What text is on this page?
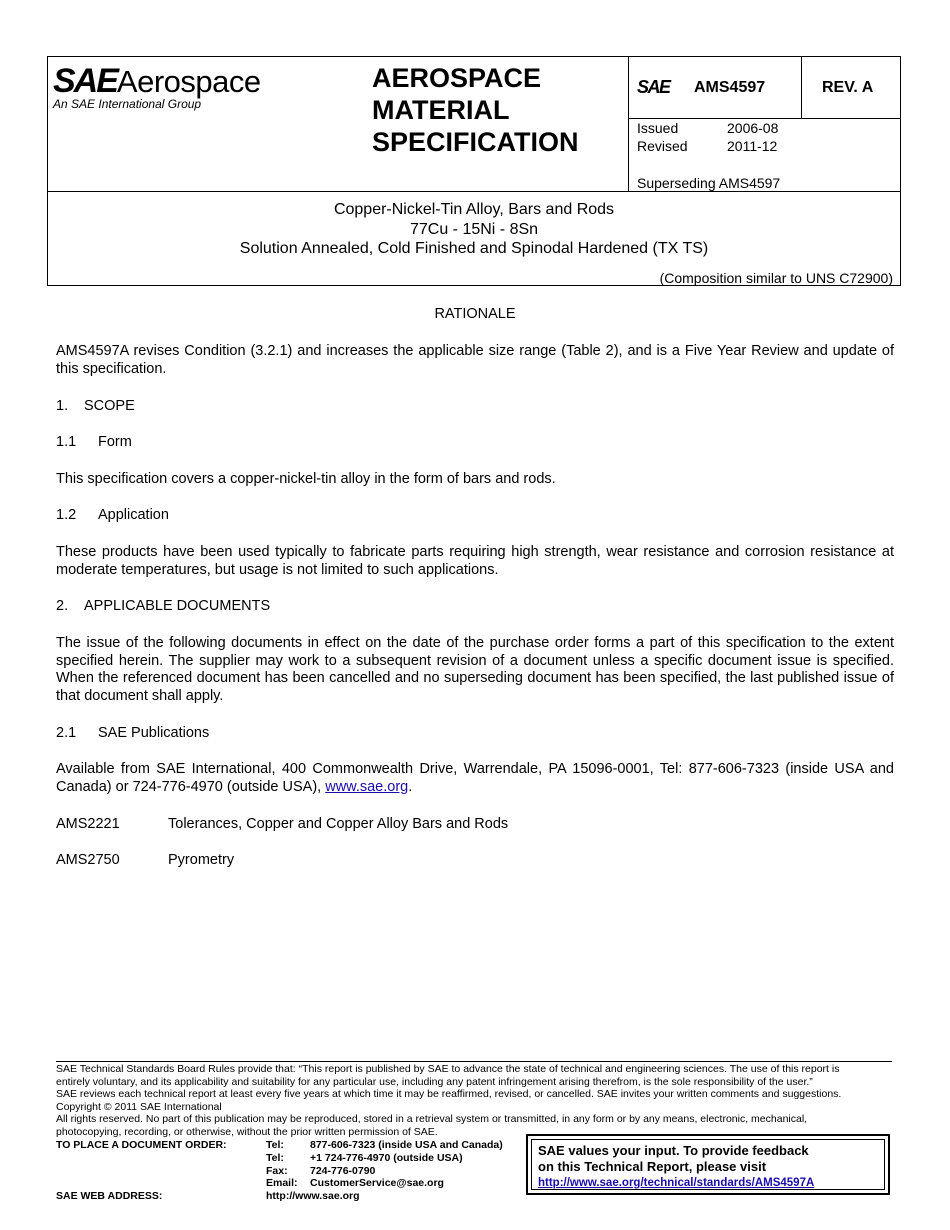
SAEAerospace
An SAE International Group
AEROSPACE
MATERIAL
SPECIFICATION
SAE AMS4597	REV. A
Issued	2006-08
Revised	2011-12
Superseding AMS4597
Copper-Nickel-Tin Alloy, Bars and Rods
77Cu - 15Ni - 8Sn
Solution Annealed, Cold Finished and Spinodal Hardened (TX TS)
(Composition similar to UNS C72900)
RATIONALE
AMS4597A revises Condition (3.2.1) and increases the applicable size range (Table 2), and is a Five Year Review and update of this specification.
1. SCOPE
1.1 Form
This specification covers a copper-nickel-tin alloy in the form of bars and rods.
1.2 Application
These products have been used typically to fabricate parts requiring high strength, wear resistance and corrosion resistance at moderate temperatures, but usage is not limited to such applications.
2. APPLICABLE DOCUMENTS
The issue of the following documents in effect on the date of the purchase order forms a part of this specification to the extent specified herein. The supplier may work to a subsequent revision of a document unless a specific document issue is specified. When the referenced document has been cancelled and no superseding document has been specified, the last published issue of that document shall apply.
2.1 SAE Publications
Available from SAE International, 400 Commonwealth Drive, Warrendale, PA 15096-0001, Tel: 877-606-7323 (inside USA and Canada) or 724-776-4970 (outside USA), www.sae.org.
AMS2221	Tolerances, Copper and Copper Alloy Bars and Rods
AMS2750	Pyrometry
SAE Technical Standards Board Rules provide that: “This report is published by SAE to advance the state of technical and engineering sciences. The use of this report is
entirely voluntary, and its applicability and suitability for any particular use, including any patent infringement arising therefrom, is the sole responsibility of the user.”
SAE reviews each technical report at least every five years at which time it may be reaffirmed, revised, or cancelled. SAE invites your written comments and suggestions.
Copyright © 2011 SAE International
All rights reserved. No part of this publication may be reproduced, stored in a retrieval system or transmitted, in any form or by any means, electronic, mechanical,
photocopying, recording, or otherwise, without the prior written permission of SAE.
TO PLACE A DOCUMENT ORDER:	Tel: 877-606-7323 (inside USA and Canada)
Tel: +1 724-776-4970 (outside USA)
Fax: 724-776-0790
Email: CustomerService@sae.org
SAE WEB ADDRESS:	http://www.sae.org
SAE values your input. To provide feedback
on this Technical Report, please visit
http://www.sae.org/technical/standards/AMS4597A
